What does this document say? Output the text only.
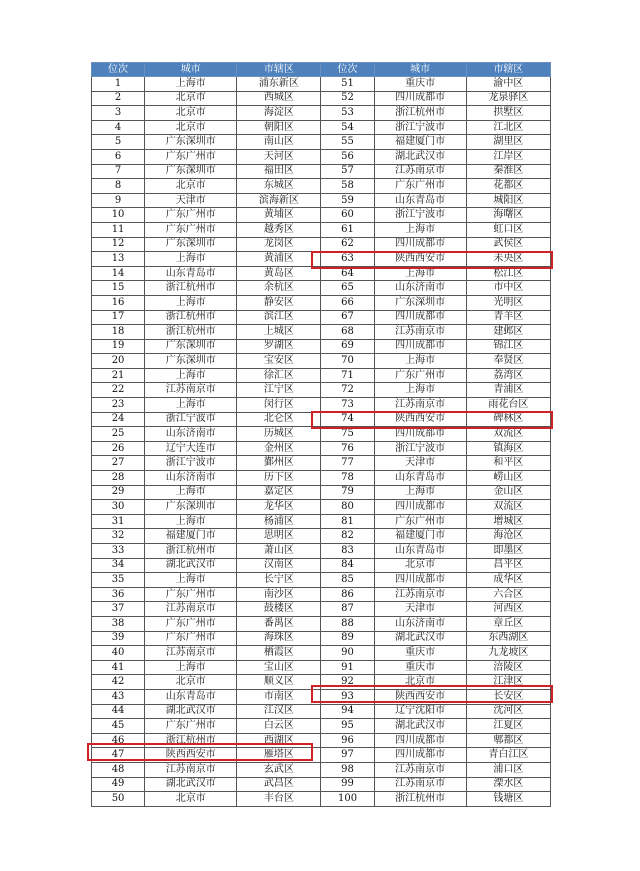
位次	城市	市辖区	位次	城市	市辖区
1	上海市	浦东新区	51	重庆市	渝中区
2	北京市	西城区	52	四川成都市	龙泉驿区
3	北京市	海淀区	53	浙江杭州市	拱墅区
4	北京市	朝阳区	54	浙江宁波市	江北区
5	广东深圳市	南山区	55	福建厦门市	湖里区
6	广东广州市	天河区	56	湖北武汉市	江岸区
7	广东深圳市	福田区	57	江苏南京市	秦淮区
8	北京市	东城区	58	广东广州市	花都区
9	天津市	滨海新区	59	山东青岛市	城阳区
10	广东广州市	黄埔区	60	浙江宁波市	海曙区
11	广东广州市	越秀区	61	上海市	虹口区
12	广东深圳市	龙岗区	62	四川成都市	武侯区
13	上海市	黄浦区	63	陕西西安市	未央区
14	山东青岛市	黄岛区	64	上海市	松江区
15	浙江杭州市	余杭区	65	山东济南市	市中区
16	上海市	静安区	66	广东深圳市	光明区
17	浙江杭州市	滨江区	67	四川成都市	青羊区
18	浙江杭州市	上城区	68	江苏南京市	建邺区
19	广东深圳市	罗湖区	69	四川成都市	锦江区
20	广东深圳市	宝安区	70	上海市	奉贤区
21	上海市	徐汇区	71	广东广州市	荔湾区
22	江苏南京市	江宁区	72	上海市	青浦区
23	上海市	闵行区	73	江苏南京市	雨花台区
24	浙江宁波市	北仑区	74	陕西西安市	碑林区
25	山东济南市	历城区	75	四川成都市	双流区
26	辽宁大连市	金州区	76	浙江宁波市	镇海区
27	浙江宁波市	鄞州区	77	天津市	和平区
28	山东济南市	历下区	78	山东青岛市	崂山区
29	上海市	嘉定区	79	上海市	金山区
30	广东深圳市	龙华区	80	四川成都市	双流区
31	上海市	杨浦区	81	广东广州市	增城区
32	福建厦门市	思明区	82	福建厦门市	海沧区
33	浙江杭州市	萧山区	83	山东青岛市	即墨区
34	湖北武汉市	汉南区	84	北京市	昌平区
35	上海市	长宁区	85	四川成都市	成华区
36	广东广州市	南沙区	86	江苏南京市	六合区
37	江苏南京市	鼓楼区	87	天津市	河西区
38	广东广州市	番禺区	88	山东济南市	章丘区
39	广东广州市	海珠区	89	湖北武汉市	东西湖区
40	江苏南京市	栖霞区	90	重庆市	九龙坡区
41	上海市	宝山区	91	重庆市	涪陵区
42	北京市	顺义区	92	北京市	江津区
43	山东青岛市	市南区	93	陕西西安市	长安区
44	湖北武汉市	江汉区	94	辽宁沈阳市	沈河区
45	广东广州市	白云区	95	湖北武汉市	江夏区
46	浙江杭州市	西湖区	96	四川成都市	郫都区
47	陕西西安市	雁塔区	97	四川成都市	青白江区
48	江苏南京市	玄武区	98	江苏南京市	浦口区
49	湖北武汉市	武昌区	99	江苏南京市	溧水区
50	北京市	丰台区	100	浙江杭州市	钱塘区
